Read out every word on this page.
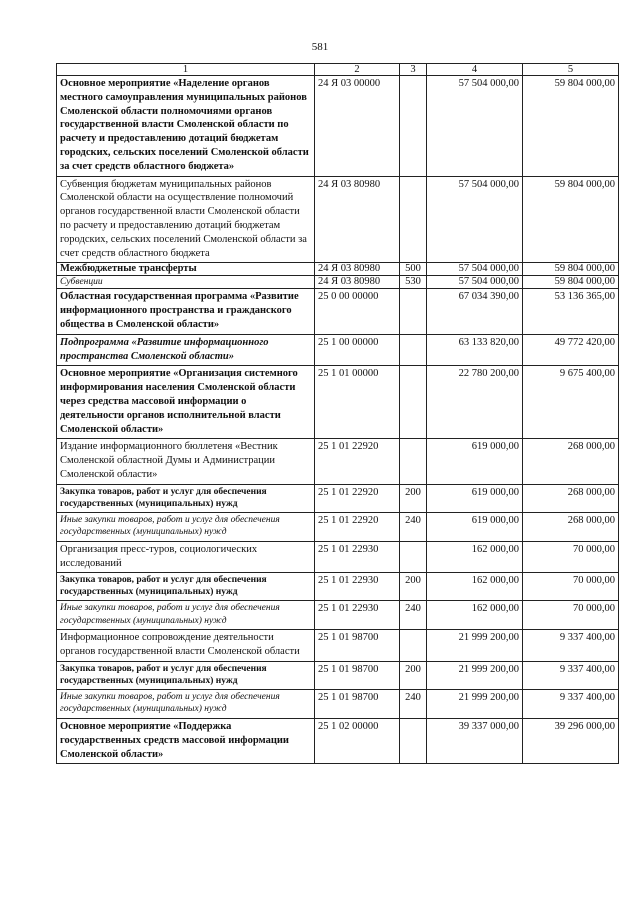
581
1	2	3	4	5
Основное мероприятие «Наделение органов местного самоуправления муниципальных районов Смоленской области полномочиями органов государственной власти Смоленской области по расчету и предоставлению дотаций бюджетам городских, сельских поселений Смоленской области за счет средств областного бюджета»	24 Я 03 00000		57 504 000,00	59 804 000,00
Субвенция бюджетам муниципальных районов Смоленской области на осуществление полномочий органов государственной власти Смоленской области по расчету и предоставлению дотаций бюджетам городских, сельских поселений Смоленской области за счет средств областного бюджета	24 Я 03 80980		57 504 000,00	59 804 000,00
Межбюджетные трансферты	24 Я 03 80980	500	57 504 000,00	59 804 000,00
Субвенции	24 Я 03 80980	530	57 504 000,00	59 804 000,00
Областная государственная программа «Развитие информационного пространства и гражданского общества в Смоленской области»	25 0 00 00000		67 034 390,00	53 136 365,00
Подпрограмма «Развитие информационного пространства Смоленской области»	25 1 00 00000		63 133 820,00	49 772 420,00
Основное мероприятие «Организация системного информирования населения Смоленской области через средства массовой информации о деятельности органов исполнительной власти Смоленской области»	25 1 01 00000		22 780 200,00	9 675 400,00
Издание информационного бюллетеня «Вестник Смоленской областной Думы и Администрации Смоленской области»	25 1 01 22920		619 000,00	268 000,00
Закупка товаров, работ и услуг для обеспечения государственных (муниципальных) нужд	25 1 01 22920	200	619 000,00	268 000,00
Иные закупки товаров, работ и услуг для обеспечения государственных (муниципальных) нужд	25 1 01 22920	240	619 000,00	268 000,00
Организация пресс-туров, социологических исследований	25 1 01 22930		162 000,00	70 000,00
Закупка товаров, работ и услуг для обеспечения государственных (муниципальных) нужд	25 1 01 22930	200	162 000,00	70 000,00
Иные закупки товаров, работ и услуг для обеспечения государственных (муниципальных) нужд	25 1 01 22930	240	162 000,00	70 000,00
Информационное сопровождение деятельности органов государственной власти Смоленской области	25 1 01 98700		21 999 200,00	9 337 400,00
Закупка товаров, работ и услуг для обеспечения государственных (муниципальных) нужд	25 1 01 98700	200	21 999 200,00	9 337 400,00
Иные закупки товаров, работ и услуг для обеспечения государственных (муниципальных) нужд	25 1 01 98700	240	21 999 200,00	9 337 400,00
Основное мероприятие «Поддержка государственных средств массовой информации Смоленской области»	25 1 02 00000		39 337 000,00	39 296 000,00
